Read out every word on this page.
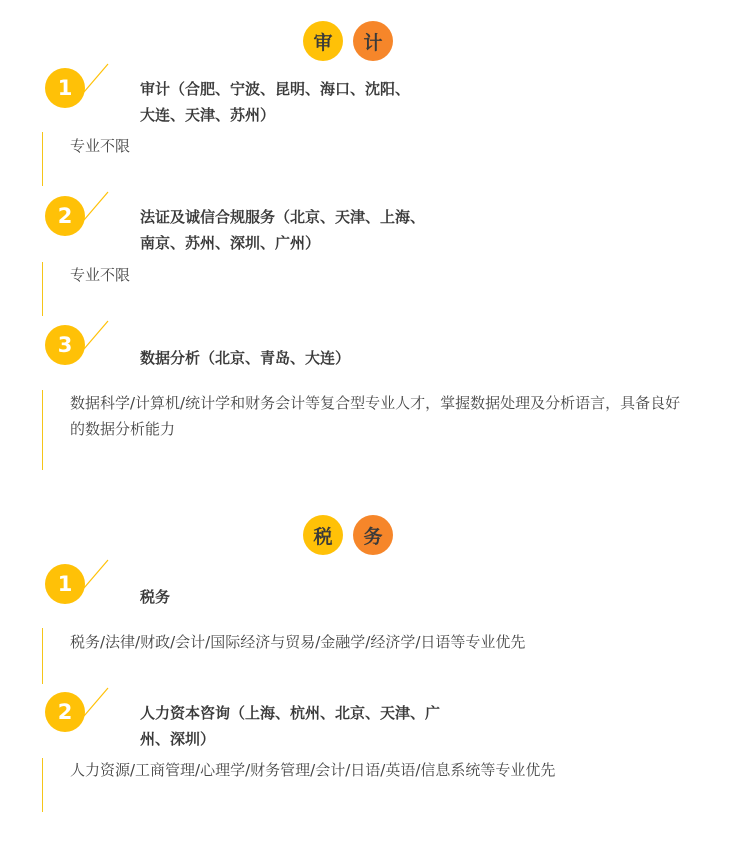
审	计
1	审计（合肥、宁波、昆明、海口、沈阳、大连、天津、苏州）
专业不限
2	法证及诚信合规服务（北京、天津、上海、南京、苏州、深圳、广州）
专业不限
3
数据分析（北京、青岛、大连）
数据科学/计算机/统计学和财务会计等复合型专业人才，掌握数据处理及分析语言，具备良好的数据分析能力
税	务
1
税务
税务/法律/财政/会计/国际经济与贸易/金融学/经济学/日语等专业优先
2	人力资本咨询（上海、杭州、北京、天津、广州、深圳）
人力资源/工商管理/心理学/财务管理/会计/日语/英语/信息系统等专业优先
